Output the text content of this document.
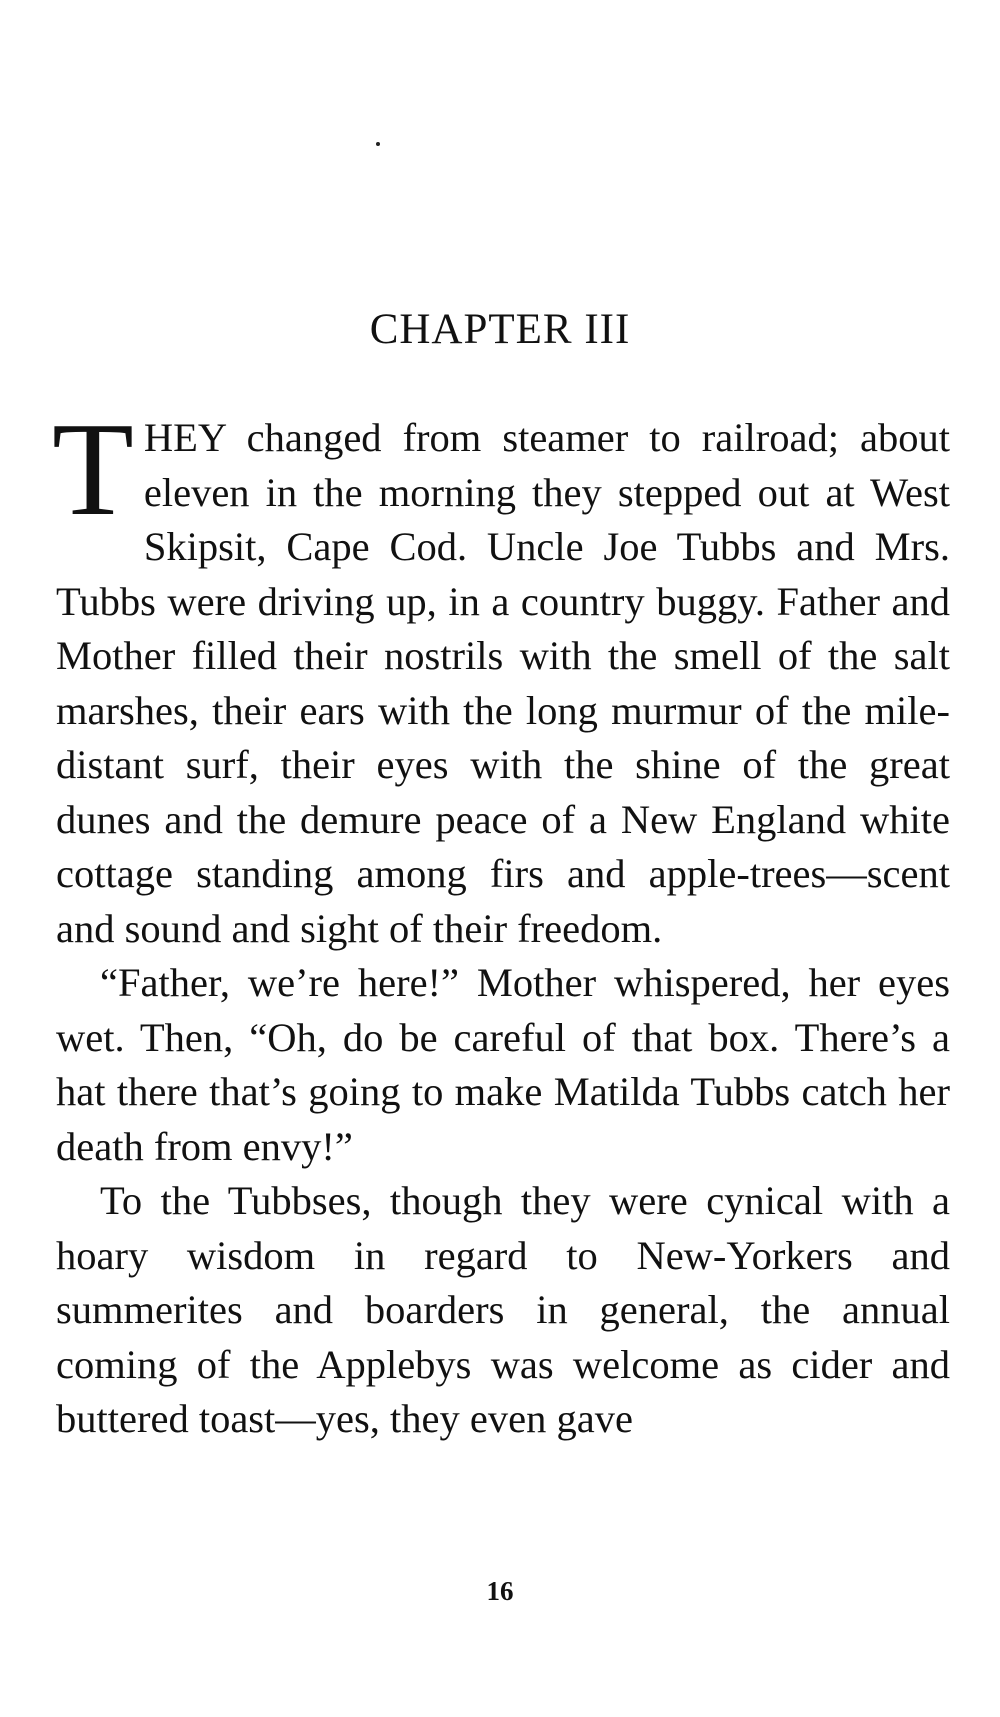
CHAPTER III

THEY changed from steamer to railroad; about eleven in the morning they stepped out at West Skipsit, Cape Cod. Uncle Joe Tubbs and Mrs. Tubbs were driving up, in a country buggy. Father and Mother filled their nostrils with the smell of the salt marshes, their ears with the long murmur of the mile-distant surf, their eyes with the shine of the great dunes and the demure peace of a New England white cottage standing among firs and apple-trees—scent and sound and sight of their freedom.

“Father, we’re here!” Mother whispered, her eyes wet. Then, “Oh, do be careful of that box. There’s a hat there that’s going to make Matilda Tubbs catch her death from envy!”

To the Tubbses, though they were cynical with a hoary wisdom in regard to New-Yorkers and summerites and boarders in general, the annual coming of the Applebys was welcome as cider and buttered toast—yes, they even gave

16
